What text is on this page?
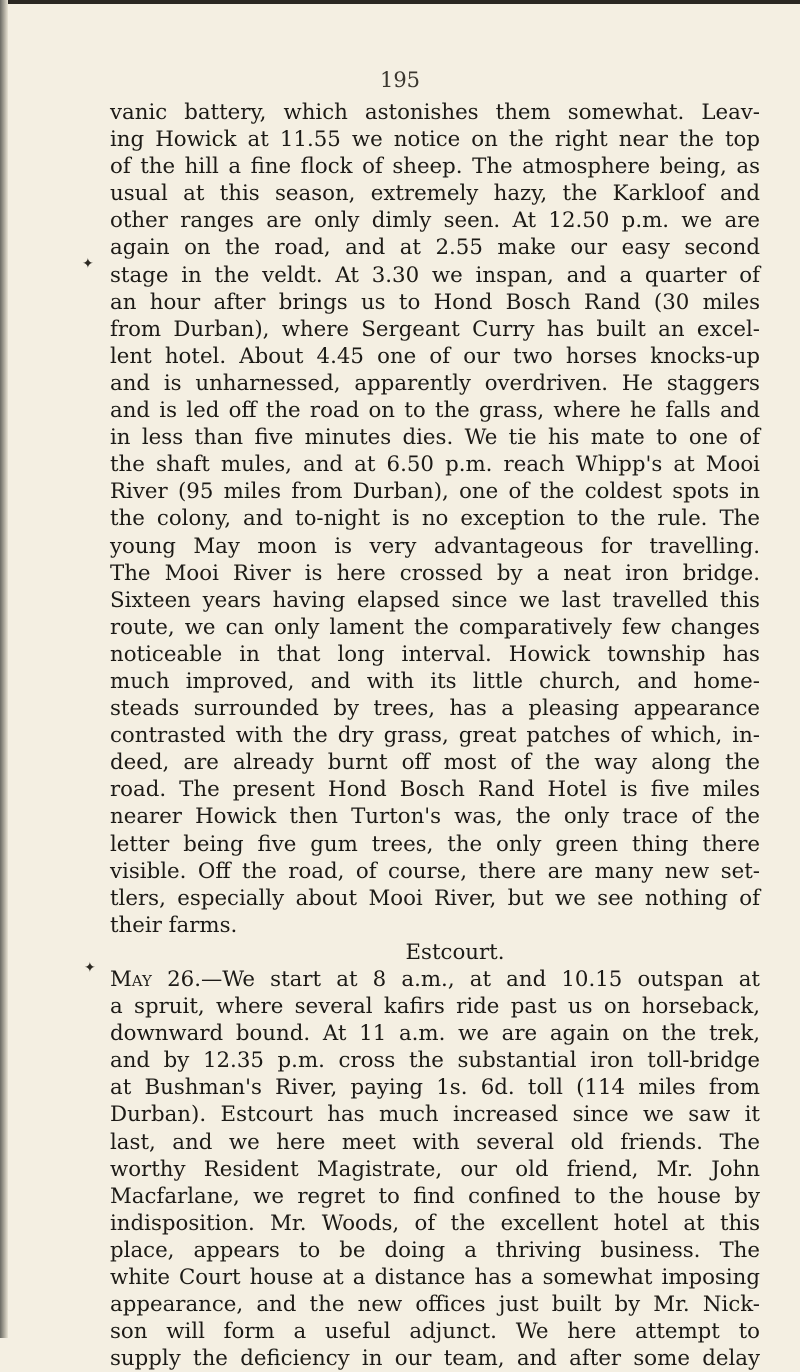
195
✦
✦
vanic battery, which astonishes them somewhat. Leav-
ing Howick at 11.55 we notice on the right near the top
of the hill a fine flock of sheep. The atmosphere being, as
usual at this season, extremely hazy, the Karkloof and
other ranges are only dimly seen. At 12.50 p.m. we are
again on the road, and at 2.55 make our easy second
stage in the veldt. At 3.30 we inspan, and a quarter of
an hour after brings us to Hond Bosch Rand (30 miles
from Durban), where Sergeant Curry has built an excel-
lent hotel. About 4.45 one of our two horses knocks-up
and is unharnessed, apparently overdriven. He staggers
and is led off the road on to the grass, where he falls and
in less than five minutes dies. We tie his mate to one of
the shaft mules, and at 6.50 p.m. reach Whipp's at Mooi
River (95 miles from Durban), one of the coldest spots in
the colony, and to-night is no exception to the rule. The
young May moon is very advantageous for travelling.
The Mooi River is here crossed by a neat iron bridge.
Sixteen years having elapsed since we last travelled this
route, we can only lament the comparatively few changes
noticeable in that long interval. Howick township has
much improved, and with its little church, and home-
steads surrounded by trees, has a pleasing appearance
contrasted with the dry grass, great patches of which, in-
deed, are already burnt off most of the way along the
road. The present Hond Bosch Rand Hotel is five miles
nearer Howick then Turton's was, the only trace of the
letter being five gum trees, the only green thing there
visible. Off the road, of course, there are many new set-
tlers, especially about Mooi River, but we see nothing of
their farms.
Estcourt.
May 26.—We start at 8 a.m., at and 10.15 outspan at
a spruit, where several kafirs ride past us on horseback,
downward bound. At 11 a.m. we are again on the trek,
and by 12.35 p.m. cross the substantial iron toll-bridge
at Bushman's River, paying 1s. 6d. toll (114 miles from
Durban). Estcourt has much increased since we saw it
last, and we here meet with several old friends. The
worthy Resident Magistrate, our old friend, Mr. John
Macfarlane, we regret to find confined to the house by
indisposition. Mr. Woods, of the excellent hotel at this
place, appears to be doing a thriving business. The
white Court house at a distance has a somewhat imposing
appearance, and the new offices just built by Mr. Nick-
son will form a useful adjunct. We here attempt to
supply the deficiency in our team, and after some delay
